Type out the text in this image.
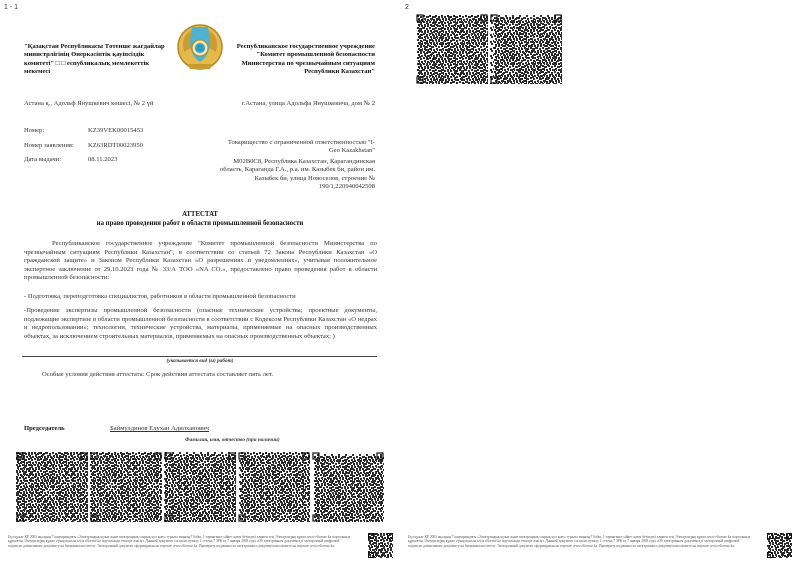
1 - 1
"Қазақстан Республикасы Төтенше жағдайлар министрлігінің Өнеркәсіптік қауіпсіздік комитеті" □ □ еспубликалық мемлекеттік мекемесі
Республиканское государственное учреждение "Комитет промышленной безопасности Министерства по чрезвычайным ситуациям Республики Казахстан"
Астана қ., Адольф Янушкевич көшесі, № 2 үй	г.Астана, улица Адольфа Янушкевича, дом № 2
Номер:	KZ39VEK00015453
Номер заявления: KZ63RDT00023950
Дата выдачи:	08.11.2023
Товарищество с ограниченной ответственностью "I-Geo Kazakhstan"
M02B0C8, Республика Казахстан, Карагандинская область, Караганда Г.А., р.а. им. Казыбек би, район им. Казыбек би, улица Новоселов, строение № 190/1,220940042508
АТТЕСТАТ
на право проведения работ в области промышленной безопасности
Республиканское государственное учреждение "Комитет промышленной безопасности Министерства по чрезвычайным ситуациям Республики Казахстан", в соответствии со статьей 72 Закона Республики Казахстан «О гражданской защите» и Законом Республики Казахстан «О разрешениях и уведомлениях», учитывая положительное экспертное заключение от 29.10.2023 года № 33/А ТОО «NA CO.», предоставлено право проведения работ в области промышленной безопасности:
- Подготовка, переподготовка специалистов, работников в области промышленной безопасности
-Проведение экспертизы промышленной безопасности (опасные технические устройства; проектные документы, подлежащие экспертизе в области промышленной безопасности в соответствии с Кодексом Республики Казахстан «О недрах и недропользовании»; технологии, технические устройства, материалы, применяемые на опасных производственных объектах, за исключением строительных материалов, применяемых на опасных производственных объектах; )
(указывается вид (ы) работ)
Особые условия действия аттестата: Срок действия аттестата составляет пять лет.
Председатель	Баймулдинов Елухан Адилханович
Фамилия, имя, отчество (при наличии)
Бұл құжат ҚР 2003 жылдың 7 қаңтарындағы «Электрондық құжат және электрондық сандық қол қою» туралы заңның 7 бабы, 1 тармағына сәйкес қағаз бетіндегі заңмен тең. Электрондық құжат www.elicense.kz порталында құрылған. Электрондық құжат түпнұсқасын www.elicense.kz порталында тексере аласыз. Данный документ согласно пункту 1 статьи 7 ЗРК от 7 января 2003 года «Об электронном документе и электронной цифровой подписи» равнозначен документу на бумажном носителе. Электронный документ сформирован на портале www.elicense.kz. Проверить подлинность электронного документа вы можете на портале www.elicense.kz.
2
Бұл құжат ҚР 2003 жылдың 7 қаңтарындағы «Электрондық құжат және электрондық сандық қол қою» туралы заңның 7 бабы, 1 тармағына сәйкес қағаз бетіндегі заңмен тең. Электрондық құжат www.elicense.kz порталында құрылған. Электрондық құжат түпнұсқасын www.elicense.kz порталында тексере аласыз. Данный документ согласно пункту 1 статьи 7 ЗРК от 7 января 2003 года «Об электронном документе и электронной цифровой подписи» равнозначен документу на бумажном носителе. Электронный документ сформирован на портале www.elicense.kz. Проверить подлинность электронного документа вы можете на портале www.elicense.kz.
